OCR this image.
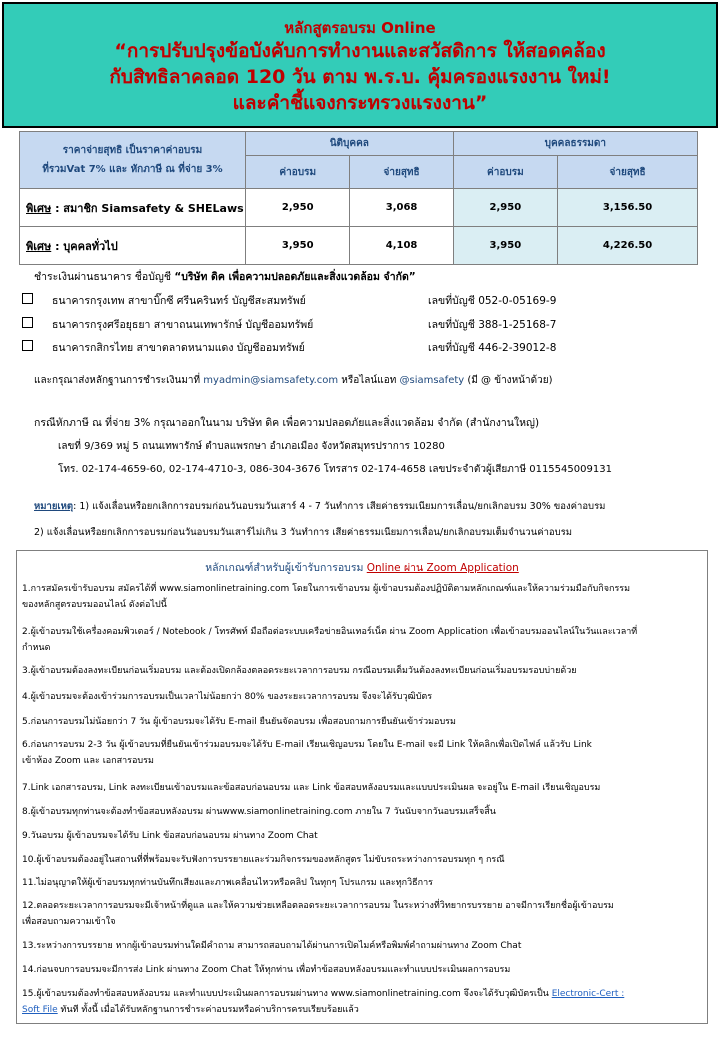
หลักสูตรอบรม Online
“การปรับปรุงข้อบังคับการทำงานและสวัสดิการ ให้สอดคล้อง
กับสิทธิลาคลอด 120 วัน ตาม พ.ร.บ. คุ้มครองแรงงาน ใหม่!
และคำชี้แจงกระทรวงแรงงาน”
ราคาจ่ายสุทธิ เป็นราคาค่าอบรม
ที่รวมVat 7% และ หักภาษี ณ ที่จ่าย 3%	นิติบุคคล		บุคคลธรรมดา	
	ค่าอบรม	จ่ายสุทธิ	ค่าอบรม	จ่ายสุทธิ
พิเศษ : สมาชิก Siamsafety & SHELaws	2,950	3,068	2,950	3,156.50
พิเศษ : บุคคลทั่วไป	3,950	4,108	3,950	4,226.50
ชำระเงินผ่านธนาคาร ชื่อบัญชี “บริษัท ดิค เพื่อความปลอดภัยและสิ่งแวดล้อม จำกัด”
ธนาคารกรุงเทพ สาขาบิ๊กซี ศรีนครินทร์ บัญชีสะสมทรัพย์	เลขที่บัญชี 052-0-05169-9
ธนาคารกรุงศรีอยุธยา สาขาถนนเทพารักษ์ บัญชีออมทรัพย์	เลขที่บัญชี 388-1-25168-7
ธนาคารกสิกรไทย สาขาตลาดหนามแดง บัญชีออมทรัพย์	เลขที่บัญชี 446-2-39012-8
และกรุณาส่งหลักฐานการชำระเงินมาที่ myadmin@siamsafety.com หรือไลน์แอท @siamsafety (มี @ ข้างหน้าด้วย)
กรณีหักภาษี ณ ที่จ่าย 3% กรุณาออกในนาม บริษัท ดิค เพื่อความปลอดภัยและสิ่งแวดล้อม จำกัด (สำนักงานใหญ่)
เลขที่ 9/369 หมู่ 5 ถนนเทพารักษ์ ตำบลแพรกษา อำเภอเมือง จังหวัดสมุทรปราการ 10280
โทร. 02-174-4659-60, 02-174-4710-3, 086-304-3676 โทรสาร 02-174-4658 เลขประจำตัวผู้เสียภาษี 0115545009131
หมายเหตุ: 1) แจ้งเลื่อนหรือยกเลิกการอบรมก่อนวันอบรมวันเสาร์ 4 - 7 วันทำการ เสียค่าธรรมเนียมการเลื่อน/ยกเลิกอบรม 30% ของค่าอบรม
2) แจ้งเลื่อนหรือยกเลิกการอบรมก่อนวันอบรมวันเสาร์ไม่เกิน 3 วันทำการ เสียค่าธรรมเนียมการเลื่อน/ยกเลิกอบรมเต็มจำนวนค่าอบรม
หลักเกณฑ์สำหรับผู้เข้ารับการอบรม Online ผ่าน Zoom Application
1.การสมัครเข้ารับอบรม สมัครได้ที่ www.siamonlinetraining.com โดยในการเข้าอบรม ผู้เข้าอบรมต้องปฏิบัติตามหลักเกณฑ์และให้ความร่วมมือกับกิจกรรม
ของหลักสูตรอบรมออนไลน์ ดังต่อไปนี้
2.ผู้เข้าอบรมใช้เครื่องคอมพิวเตอร์ / Notebook / โทรศัพท์ มือถือต่อระบบเครือข่ายอินเทอร์เน็ต ผ่าน Zoom Application เพื่อเข้าอบรมออนไลน์ในวันและเวลาที่
กำหนด
3.ผู้เข้าอบรมต้องลงทะเบียนก่อนเริ่มอบรม และต้องเปิดกล้องตลอดระยะเวลาการอบรม กรณีอบรมเต็มวันต้องลงทะเบียนก่อนเริ่มอบรมรอบบ่ายด้วย
4.ผู้เข้าอบรมจะต้องเข้าร่วมการอบรมเป็นเวลาไม่น้อยกว่า 80% ของระยะเวลาการอบรม จึงจะได้รับวุฒิบัตร
5.ก่อนการอบรมไม่น้อยกว่า 7 วัน ผู้เข้าอบรมจะได้รับ E-mail ยืนยันจัดอบรม เพื่อสอบถามการยืนยันเข้าร่วมอบรม
6.ก่อนการอบรม 2-3 วัน ผู้เข้าอบรมที่ยืนยันเข้าร่วมอบรมจะได้รับ E-mail เรียนเชิญอบรม โดยใน E-mail จะมี Link ให้คลิกเพื่อเปิดไฟล์ แล้วรับ Link
เข้าห้อง Zoom และ เอกสารอบรม
7.Link เอกสารอบรม, Link ลงทะเบียนเข้าอบรมและข้อสอบก่อนอบรม และ Link ข้อสอบหลังอบรมและแบบประเมินผล จะอยู่ใน E-mail เรียนเชิญอบรม
8.ผู้เข้าอบรมทุกท่านจะต้องทำข้อสอบหลังอบรม ผ่านwww.siamonlinetraining.com ภายใน 7 วันนับจากวันอบรมเสร็จสิ้น
9.วันอบรม ผู้เข้าอบรมจะได้รับ Link ข้อสอบก่อนอบรม ผ่านทาง Zoom Chat
10.ผู้เข้าอบรมต้องอยู่ในสถานที่ที่พร้อมจะรับฟังการบรรยายและร่วมกิจกรรมของหลักสูตร ไม่ขับรถระหว่างการอบรมทุก ๆ กรณี
11.ไม่อนุญาตให้ผู้เข้าอบรมทุกท่านบันทึกเสียงและภาพเคลื่อนไหวหรือคลิป ในทุกๆ โปรแกรม และทุกวิธีการ
12.ตลอดระยะเวลาการอบรมจะมีเจ้าหน้าที่ดูแล และให้ความช่วยเหลือตลอดระยะเวลาการอบรม ในระหว่างที่วิทยากรบรรยาย อาจมีการเรียกชื่อผู้เข้าอบรม
เพื่อสอบถามความเข้าใจ
13.ระหว่างการบรรยาย หากผู้เข้าอบรมท่านใดมีคำถาม สามารถสอบถามได้ผ่านการเปิดไมค์หรือพิมพ์คำถามผ่านทาง Zoom Chat
14.ก่อนจบการอบรมจะมีการส่ง Link ผ่านทาง Zoom Chat ให้ทุกท่าน เพื่อทำข้อสอบหลังอบรมและทำแบบประเมินผลการอบรม
15.ผู้เข้าอบรมต้องทำข้อสอบหลังอบรม และทำแบบประเมินผลการอบรมผ่านทาง www.siamonlinetraining.com จึงจะได้รับวุฒิบัตรเป็น Electronic-Cert :
Soft File ทันที ทั้งนี้ เมื่อได้รับหลักฐานการชำระค่าอบรมหรือค่าบริการครบเรียบร้อยแล้ว
